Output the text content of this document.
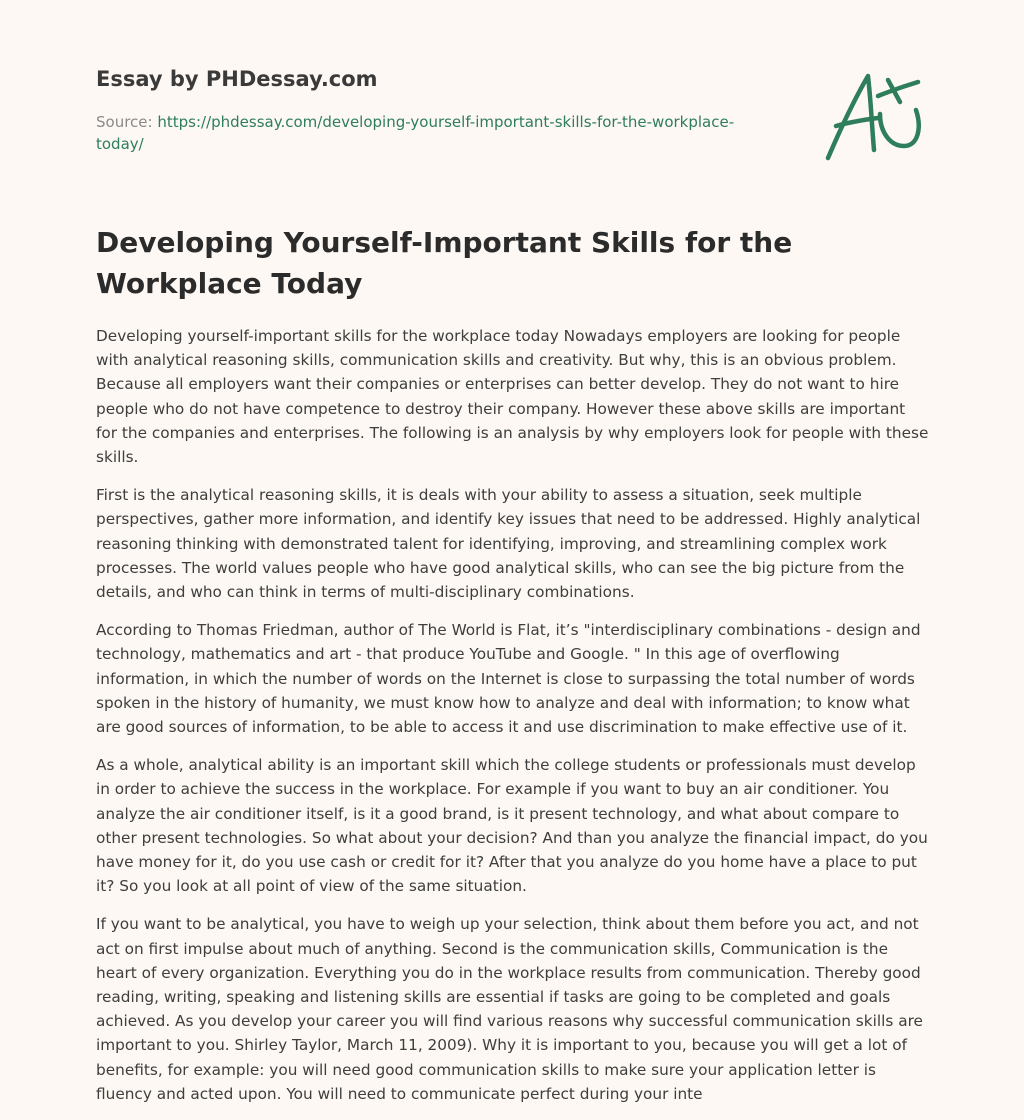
Essay by PHDessay.com
Source: https://phdessay.com/developing-yourself-important-skills-for-the-workplace-today/
Developing Yourself-Important Skills for the Workplace Today

Developing yourself-important skills for the workplace today Nowadays employers are looking for people with analytical reasoning skills, communication skills and creativity. But why, this is an obvious problem. Because all employers want their companies or enterprises can better develop. They do not want to hire people who do not have competence to destroy their company. However these above skills are important for the companies and enterprises. The following is an analysis by why employers look for people with these skills.

First is the analytical reasoning skills, it is deals with your ability to assess a situation, seek multiple perspectives, gather more information, and identify key issues that need to be addressed. Highly analytical reasoning thinking with demonstrated talent for identifying, improving, and streamlining complex work processes. The world values people who have good analytical skills, who can see the big picture from the details, and who can think in terms of multi-disciplinary combinations.

According to Thomas Friedman, author of The World is Flat, it’s "interdisciplinary combinations - design and technology, mathematics and art - that produce YouTube and Google. " In this age of overflowing information, in which the number of words on the Internet is close to surpassing the total number of words spoken in the history of humanity, we must know how to analyze and deal with information; to know what are good sources of information, to be able to access it and use discrimination to make effective use of it.

As a whole, analytical ability is an important skill which the college students or professionals must develop in order to achieve the success in the workplace. For example if you want to buy an air conditioner. You analyze the air conditioner itself, is it a good brand, is it present technology, and what about compare to other present technologies. So what about your decision? And than you analyze the financial impact, do you have money for it, do you use cash or credit for it? After that you analyze do you home have a place to put it? So you look at all point of view of the same situation.

If you want to be analytical, you have to weigh up your selection, think about them before you act, and not act on first impulse about much of anything. Second is the communication skills, Communication is the heart of every organization. Everything you do in the workplace results from communication. Thereby good reading, writing, speaking and listening skills are essential if tasks are going to be completed and goals achieved. As you develop your career you will find various reasons why successful communication skills are important to you. Shirley Taylor, March 11, 2009). Why it is important to you, because you will get a lot of benefits, for example: you will need good communication skills to make sure your application letter is fluency and acted upon. You will need to communicate perfect during your inte
